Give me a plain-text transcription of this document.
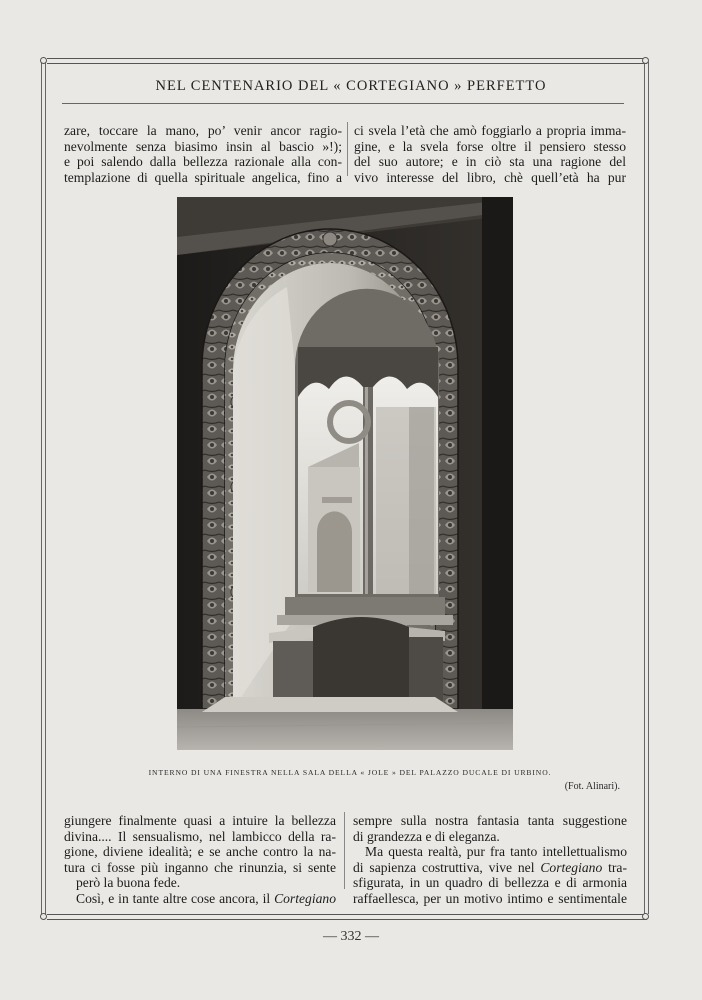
NEL CENTENARIO DEL « CORTEGIANO » PERFETTO
zare, toccare la mano, po’ venir ancor ragio-
nevolmente senza biasimo insin al bascio »!);
e poi salendo dalla bellezza razionale alla con-
templazione di quella spirituale angelica, fino a
ci svela l’età che amò foggiarlo a propria imma-
gine, e la svela forse oltre il pensiero stesso
del suo autore; e in ciò sta una ragione del
vivo interesse del libro, chè quell’età ha pur
INTERNO DI UNA FINESTRA NELLA SALA DELLA « JOLE » DEL PALAZZO DUCALE DI URBINO.
(Fot. Alinari).
giungere finalmente quasi a intuire la bellezza
divina.... Il sensualismo, nel lambicco della ra-
gione, diviene idealità; e se anche contro la na-
tura ci fosse più inganno che rinunzia, si sente
però la buona fede.
Così, e in tante altre cose ancora, il Cortegiano
sempre sulla nostra fantasia tanta suggestione
di grandezza e di eleganza.
Ma questa realtà, pur fra tanto intellettualismo
di sapienza costruttiva, vive nel Cortegiano tra-
sfigurata, in un quadro di bellezza e di armonia
raffaellesca, per un motivo intimo e sentimentale
— 332 —
